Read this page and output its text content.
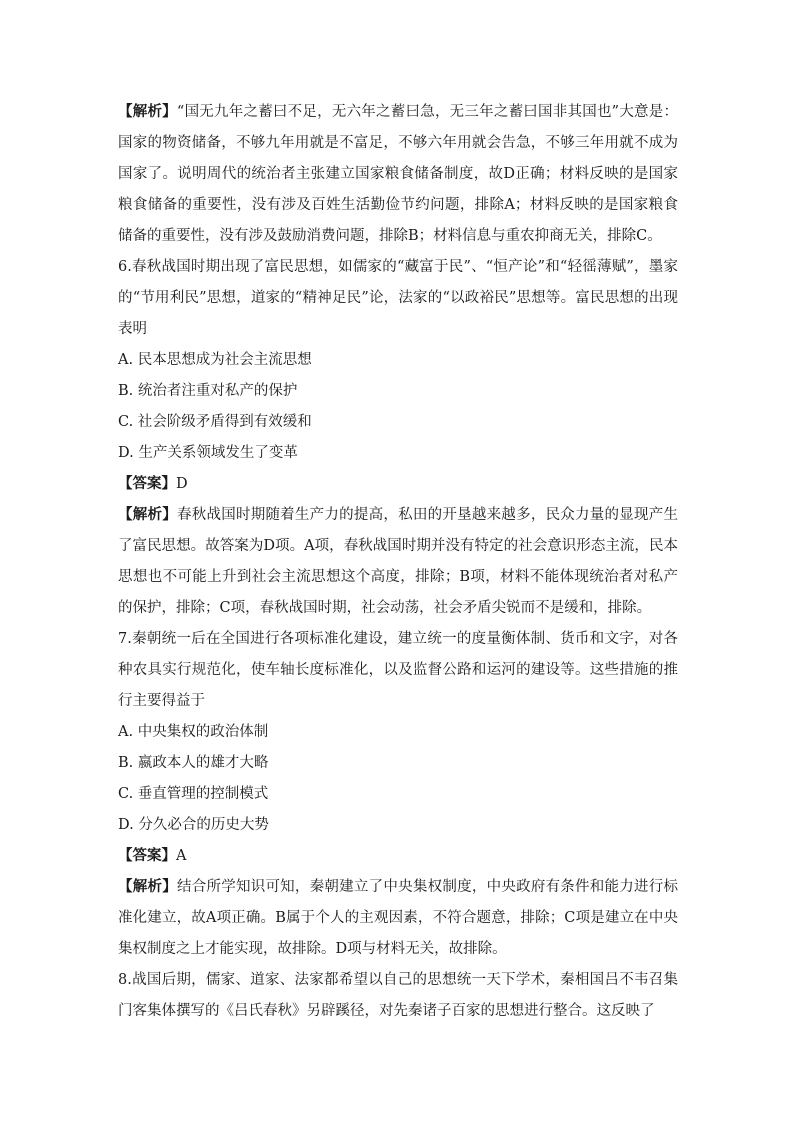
【解析】“国无九年之蓄曰不足，无六年之蓄曰急，无三年之蓄曰国非其国也”大意是：国家的物资储备，不够九年用就是不富足，不够六年用就会告急，不够三年用就不成为国家了。说明周代的统治者主张建立国家粮食储备制度，故D正确；材料反映的是国家粮食储备的重要性，没有涉及百姓生活勤俭节约问题，排除A；材料反映的是国家粮食储备的重要性，没有涉及鼓励消费问题，排除B；材料信息与重农抑商无关，排除C。

6.春秋战国时期出现了富民思想，如儒家的“藏富于民”、“恒产论”和“轻徭薄赋”，墨家的“节用利民”思想，道家的“精神足民”论，法家的“以政裕民”思想等。富民思想的出现表明

A. 民本思想成为社会主流思想

B. 统治者注重对私产的保护

C. 社会阶级矛盾得到有效缓和

D. 生产关系领域发生了变革

【答案】D

【解析】春秋战国时期随着生产力的提高，私田的开垦越来越多，民众力量的显现产生了富民思想。故答案为D项。A项，春秋战国时期并没有特定的社会意识形态主流，民本思想也不可能上升到社会主流思想这个高度，排除；B项，材料不能体现统治者对私产的保护，排除；C项，春秋战国时期，社会动荡，社会矛盾尖锐而不是缓和，排除。

7.秦朝统一后在全国进行各项标准化建设，建立统一的度量衡体制、货币和文字，对各种农具实行规范化，使车轴长度标准化，以及监督公路和运河的建设等。这些措施的推行主要得益于

A. 中央集权的政治体制

B. 嬴政本人的雄才大略

C. 垂直管理的控制模式

D. 分久必合的历史大势

【答案】A

【解析】结合所学知识可知，秦朝建立了中央集权制度，中央政府有条件和能力进行标准化建立，故A项正确。B属于个人的主观因素，不符合题意，排除；C项是建立在中央集权制度之上才能实现，故排除。D项与材料无关，故排除。

8.战国后期，儒家、道家、法家都希望以自己的思想统一天下学术，秦相国吕不韦召集门客集体撰写的《吕氏春秋》另辟蹊径，对先秦诸子百家的思想进行整合。这反映了
